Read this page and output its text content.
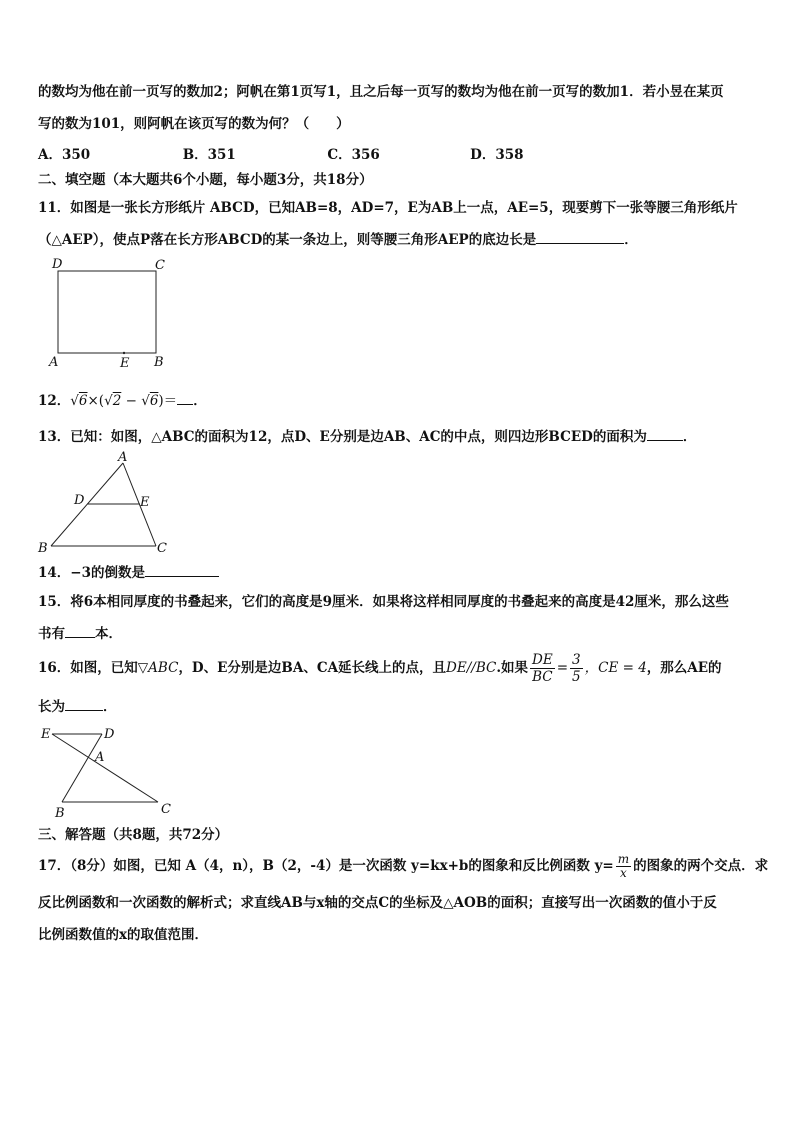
的数均为他在前一页写的数加2；阿帆在第1页写1，且之后每一页写的数均为他在前一页写的数加1．若小昱在某页
写的数为101，则阿帆在该页写的数为何？（　　）
A．350	B．351	C．356	D．358
二、填空题（本大题共6个小题，每小题3分，共18分）
11．如图是一张长方形纸片 ABCD，已知AB=8，AD=7，E为AB上一点，AE=5，现要剪下一张等腰三角形纸片
（△AEP），使点P落在长方形ABCD的某一条边上，则等腰三角形AEP的底边长是	．
D	C
A	E B
12．√6×(√2 − √6)＝ ．
13．已知：如图，△ABC的面积为12，点D、E分别是边AB、AC的中点，则四边形BCED的面积为	．
A
D	E
B	C
14．−3的倒数是
15．将6本相同厚度的书叠起来，它们的高度是9厘米．如果将这样相同厚度的书叠起来的高度是42厘米，那么这些
书有 本．
16．如图，已知▽ABC，D、E分别是边BA、CA延长线上的点，且DE//BC.如果 $\frac{DE}{BC} = \frac{3}{5}$ ，CE = 4，那么AE的
长为	．
E	D
A
B	C
三、解答题（共8题，共72分）
17．（8分）如图，已知 A（4，n），B（2，-4）是一次函数 y=kx+b的图象和反比例函数 $y= \frac{m}{x}$ 的图象的两个交点．求
反比例函数和一次函数的解析式；求直线AB与x轴的交点C的坐标及△AOB的面积；直接写出一次函数的值小于反
比例函数值的x的取值范围．
